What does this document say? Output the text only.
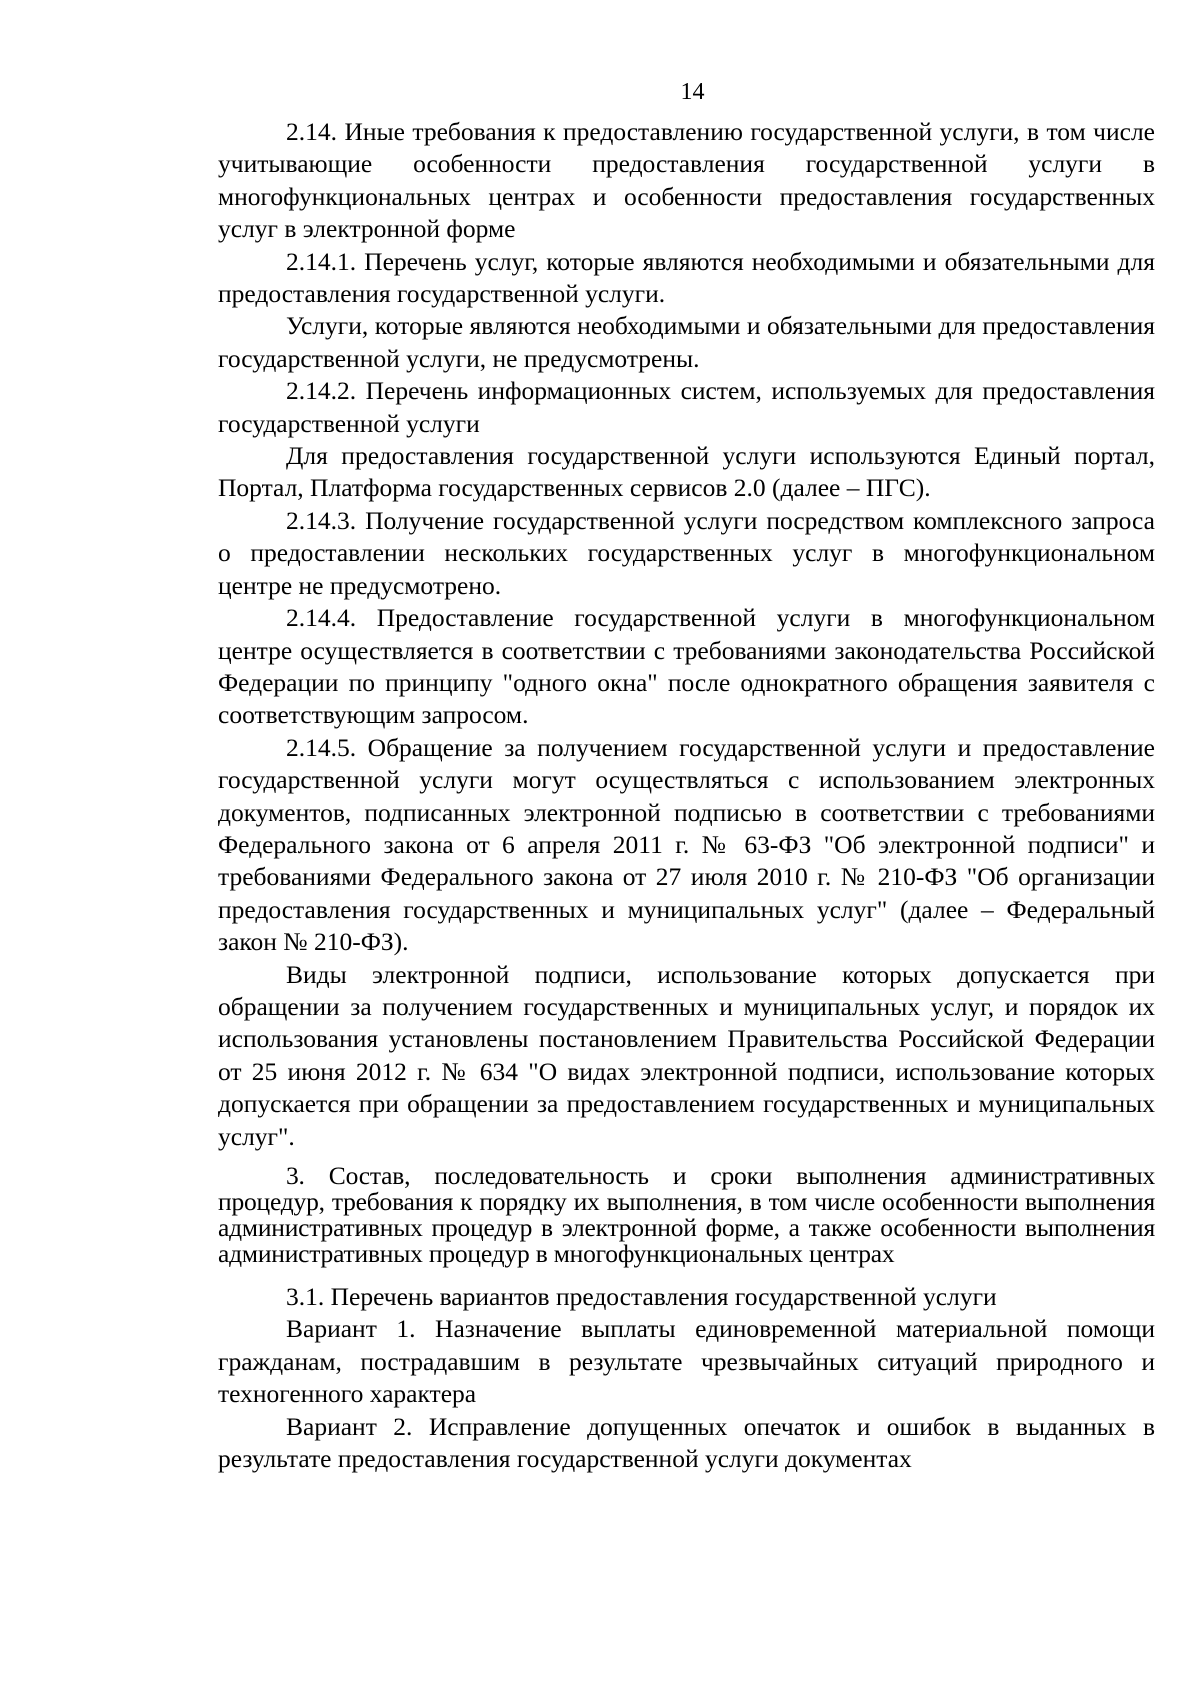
14

2.14. Иные требования к предоставлению государственной услуги, в том числе учитывающие особенности предоставления государственной услуги в многофункциональных центрах и особенности предоставления государственных услуг в электронной форме

2.14.1. Перечень услуг, которые являются необходимыми и обязательными для предоставления государственной услуги.

Услуги, которые являются необходимыми и обязательными для предоставления государственной услуги, не предусмотрены.

2.14.2. Перечень информационных систем, используемых для предоставления государственной услуги

Для предоставления государственной услуги используются Единый портал, Портал, Платформа государственных сервисов 2.0 (далее – ПГС).

2.14.3. Получение государственной услуги посредством комплексного запроса о предоставлении нескольких государственных услуг в многофункциональном центре не предусмотрено.

2.14.4. Предоставление государственной услуги в многофункциональном центре осуществляется в соответствии с требованиями законодательства Российской Федерации по принципу "одного окна" после однократного обращения заявителя с соответствующим запросом.

2.14.5. Обращение за получением государственной услуги и предоставление государственной услуги могут осуществляться с использованием электронных документов, подписанных электронной подписью в соответствии с требованиями Федерального закона от 6 апреля 2011 г. № 63-ФЗ "Об электронной подписи" и требованиями Федерального закона от 27 июля 2010 г. № 210-ФЗ "Об организации предоставления государственных и муниципальных услуг" (далее – Федеральный закон № 210-ФЗ).

Виды электронной подписи, использование которых допускается при обращении за получением государственных и муниципальных услуг, и порядок их использования установлены постановлением Правительства Российской Федерации от 25 июня 2012 г. № 634 "О видах электронной подписи, использование которых допускается при обращении за предоставлением государственных и муниципальных услуг".

3. Состав, последовательность и сроки выполнения административных процедур, требования к порядку их выполнения, в том числе особенности выполнения административных процедур в электронной форме, а также особенности выполнения административных процедур в многофункциональных центрах

3.1. Перечень вариантов предоставления государственной услуги

Вариант 1. Назначение выплаты единовременной материальной помощи гражданам, пострадавшим в результате чрезвычайных ситуаций природного и техногенного характера

Вариант 2. Исправление допущенных опечаток и ошибок в выданных в результате предоставления государственной услуги документах
